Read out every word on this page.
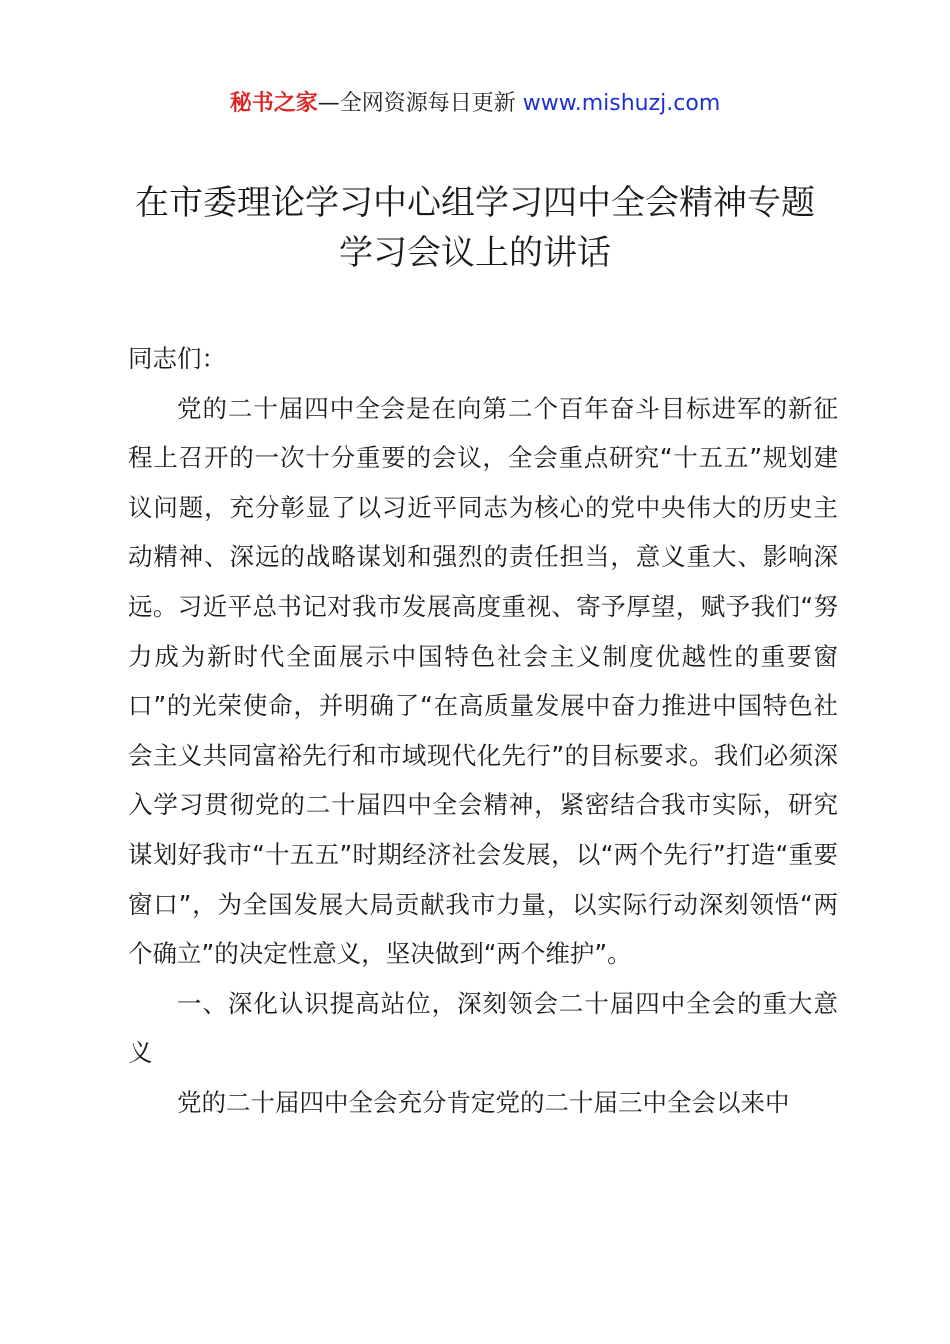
秘书之家—全网资源每日更新 www.mishuzj.com
在市委理论学习中心组学习四中全会精神专题
学习会议上的讲话

同志们：

党的二十届四中全会是在向第二个百年奋斗目标进军的新征程上召开的一次十分重要的会议，全会重点研究“十五五”规划建议问题，充分彰显了以习近平同志为核心的党中央伟大的历史主动精神、深远的战略谋划和强烈的责任担当，意义重大、影响深远。习近平总书记对我市发展高度重视、寄予厚望，赋予我们“努力成为新时代全面展示中国特色社会主义制度优越性的重要窗口”的光荣使命，并明确了“在高质量发展中奋力推进中国特色社会主义共同富裕先行和市域现代化先行”的目标要求。我们必须深入学习贯彻党的二十届四中全会精神，紧密结合我市实际，研究谋划好我市“十五五”时期经济社会发展，以“两个先行”打造“重要窗口”，为全国发展大局贡献我市力量，以实际行动深刻领悟“两个确立”的决定性意义，坚决做到“两个维护”。

一、深化认识提高站位，深刻领会二十届四中全会的重大意义

党的二十届四中全会充分肯定党的二十届三中全会以来中
